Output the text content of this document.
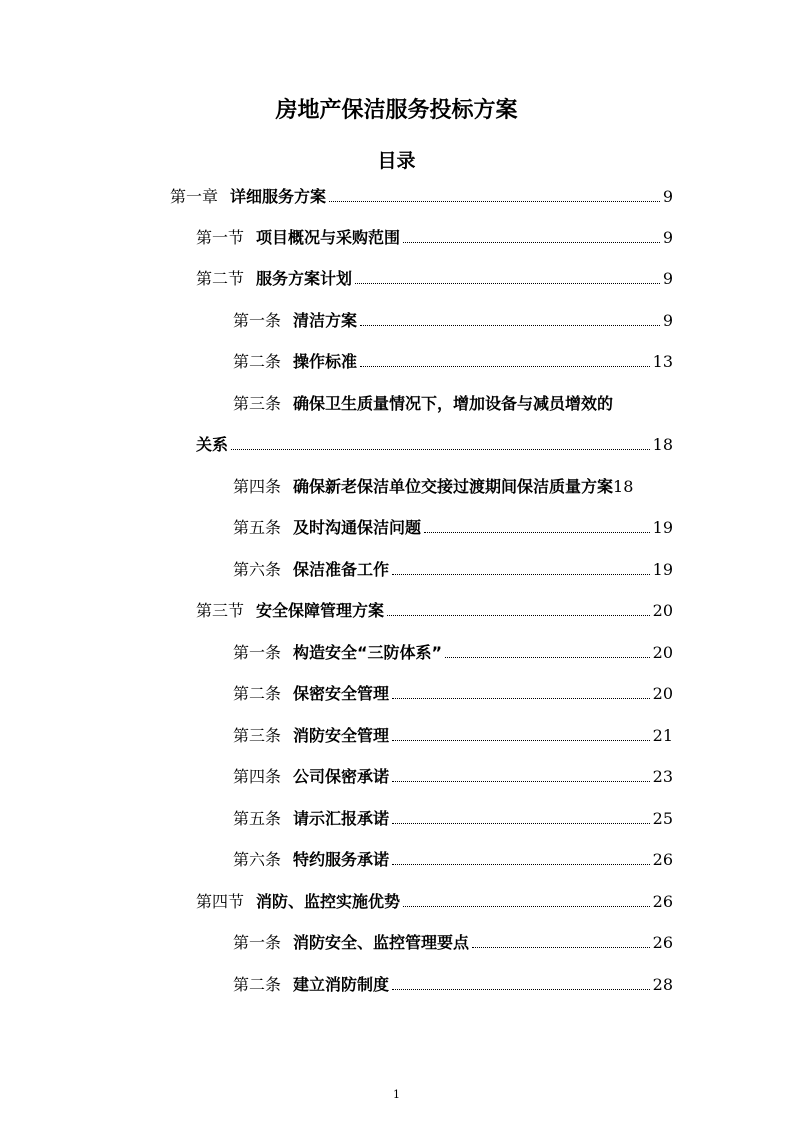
房地产保洁服务投标方案
目录
第一章 详细服务方案	9
第一节 项目概况与采购范围	9
第二节 服务方案计划	9
第一条 清洁方案	9
第二条 操作标准	13
第三条 确保卫生质量情况下，增加设备与减员增效的
关系	18
第四条 确保新老保洁单位交接过渡期间保洁质量方案 18
第五条 及时沟通保洁问题	19
第六条 保洁准备工作	19
第三节 安全保障管理方案	20
第一条 构造安全“三防体系”	20
第二条 保密安全管理	20
第三条 消防安全管理	21
第四条 公司保密承诺	23
第五条 请示汇报承诺	25
第六条 特约服务承诺	26
第四节 消防、监控实施优势	26
第一条 消防安全、监控管理要点	26
第二条 建立消防制度	28
1
